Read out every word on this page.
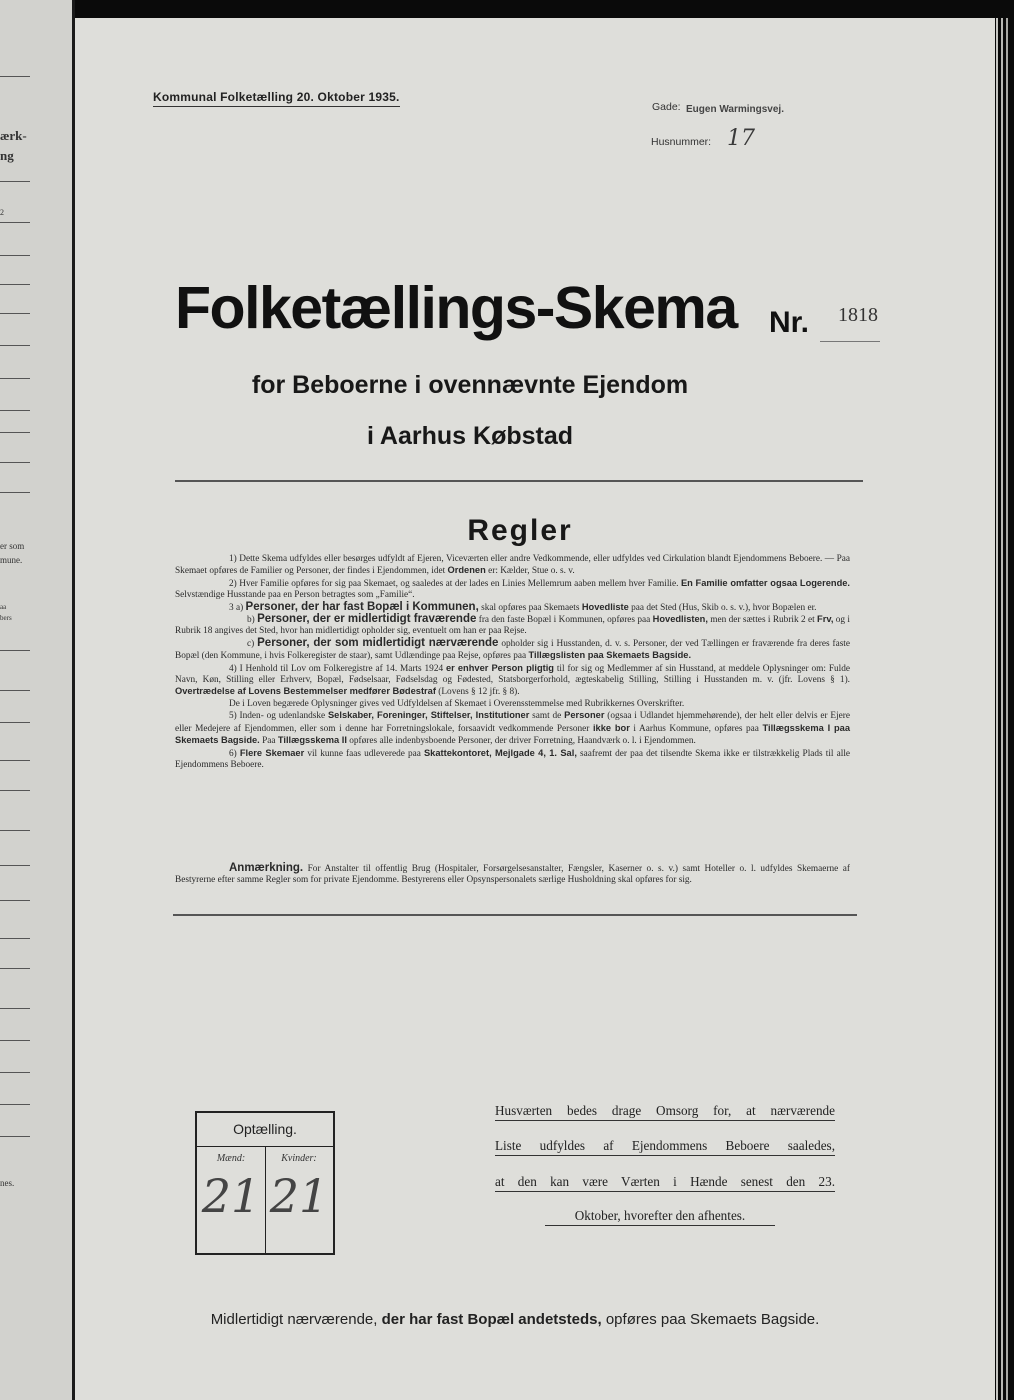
ærk-
ng
2
er som
mune.
aa
bers
nes.
Kommunal Folketælling 20. Oktober 1935.
Gade: Eugen Warmingsvej.
Husnummer: 17
Folketællings-Skema Nr. 1818
for Beboerne i ovennævnte Ejendom
i Aarhus Købstad
Regler

1) Dette Skema udfyldes eller besørges udfyldt af Ejeren, Viceværten eller andre Vedkommende, eller udfyldes ved Cirkulation blandt Ejendommens Beboere. — Paa Skemaet opføres de Familier og Personer, der findes i Ejendommen, idet Ordenen er: Kælder, Stue o. s. v.

2) Hver Familie opføres for sig paa Skemaet, og saaledes at der lades en Linies Mellemrum aaben mellem hver Familie. En Familie omfatter ogsaa Logerende. Selvstændige Husstande paa en Person betragtes som „Familie“.

3 a) Personer, der har fast Bopæl i Kommunen, skal opføres paa Skemaets Hovedliste paa det Sted (Hus, Skib o. s. v.), hvor Bopælen er.

b) Personer, der er midlertidigt fraværende fra den faste Bopæl i Kommunen, opføres paa Hovedlisten, men der sættes i Rubrik 2 et Frv, og i Rubrik 18 angives det Sted, hvor han midlertidigt opholder sig, eventuelt om han er paa Rejse.

c) Personer, der som midlertidigt nærværende opholder sig i Husstanden, d. v. s. Personer, der ved Tællingen er fraværende fra deres faste Bopæl (den Kommune, i hvis Folkeregister de staar), samt Udlændinge paa Rejse, opføres paa Tillægslisten paa Skemaets Bagside.

4) I Henhold til Lov om Folkeregistre af 14. Marts 1924 er enhver Person pligtig til for sig og Medlemmer af sin Husstand, at meddele Oplysninger om: Fulde Navn, Køn, Stilling eller Erhverv, Bopæl, Fødselsaar, Fødselsdag og Fødested, Statsborgerforhold, ægteskabelig Stilling, Stilling i Husstanden m. v. (jfr. Lovens § 1). Overtrædelse af Lovens Bestemmelser medfører Bødestraf (Lovens § 12 jfr. § 8).

De i Loven begærede Oplysninger gives ved Udfyldelsen af Skemaet i Overensstemmelse med Rubrikkernes Overskrifter.

5) Inden- og udenlandske Selskaber, Foreninger, Stiftelser, Institutioner samt de Personer (ogsaa i Udlandet hjemmehørende), der helt eller delvis er Ejere eller Medejere af Ejendommen, eller som i denne har Forretningslokale, forsaavidt vedkommende Personer ikke bor i Aarhus Kommune, opføres paa Tillægsskema I paa Skemaets Bagside. Paa Tillægsskema II opføres alle indenbysboende Personer, der driver Forretning, Haandværk o. l. i Ejendommen.

6) Flere Skemaer vil kunne faas udleverede paa Skattekontoret, Mejlgade 4, 1. Sal, saafremt der paa det tilsendte Skema ikke er tilstrækkelig Plads til alle Ejendommens Beboere.

Anmærkning. For Anstalter til offentlig Brug (Hospitaler, Forsørgelsesanstalter, Fængsler, Kaserner o. s. v.) samt Hoteller o. l. udfyldes Skemaerne af Bestyrerne efter samme Regler som for private Ejendomme. Bestyrerens eller Opsynspersonalets særlige Husholdning skal opføres for sig.
Optælling.
Mænd:	Kvinder:
21 21
Husværten bedes drage Omsorg for, at nærværende
Liste udfyldes af Ejendommens Beboere saaledes,
at den kan være Værten i Hænde senest den 23.
Oktober, hvorefter den afhentes.
Midlertidigt nærværende, der har fast Bopæl andetsteds, opføres paa Skemaets Bagside.
